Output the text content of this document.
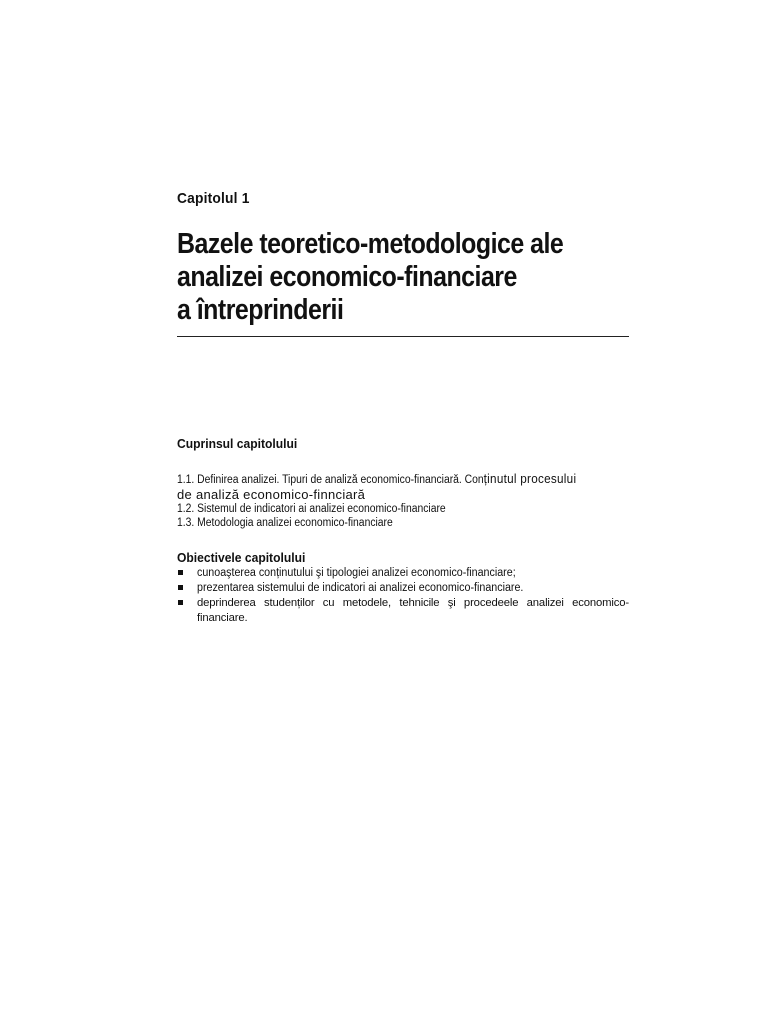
Capitolul 1
Bazele teoretico-metodologice ale
analizei economico-financiare
a întreprinderii
Cuprinsul capitolului
1.1. Definirea analizei. Tipuri de analiză economico-financiară. Conținutul procesului
de analiză economico-finnciară
1.2. Sistemul de indicatori ai analizei economico-financiare
1.3. Metodologia analizei economico-financiare
Obiectivele capitolului
cunoaşterea conținutului şi tipologiei analizei economico-financiare;
prezentarea sistemului de indicatori ai analizei economico-financiare.
deprinderea studenților cu metodele, tehnicile şi procedeele analizei economico-financiare.
